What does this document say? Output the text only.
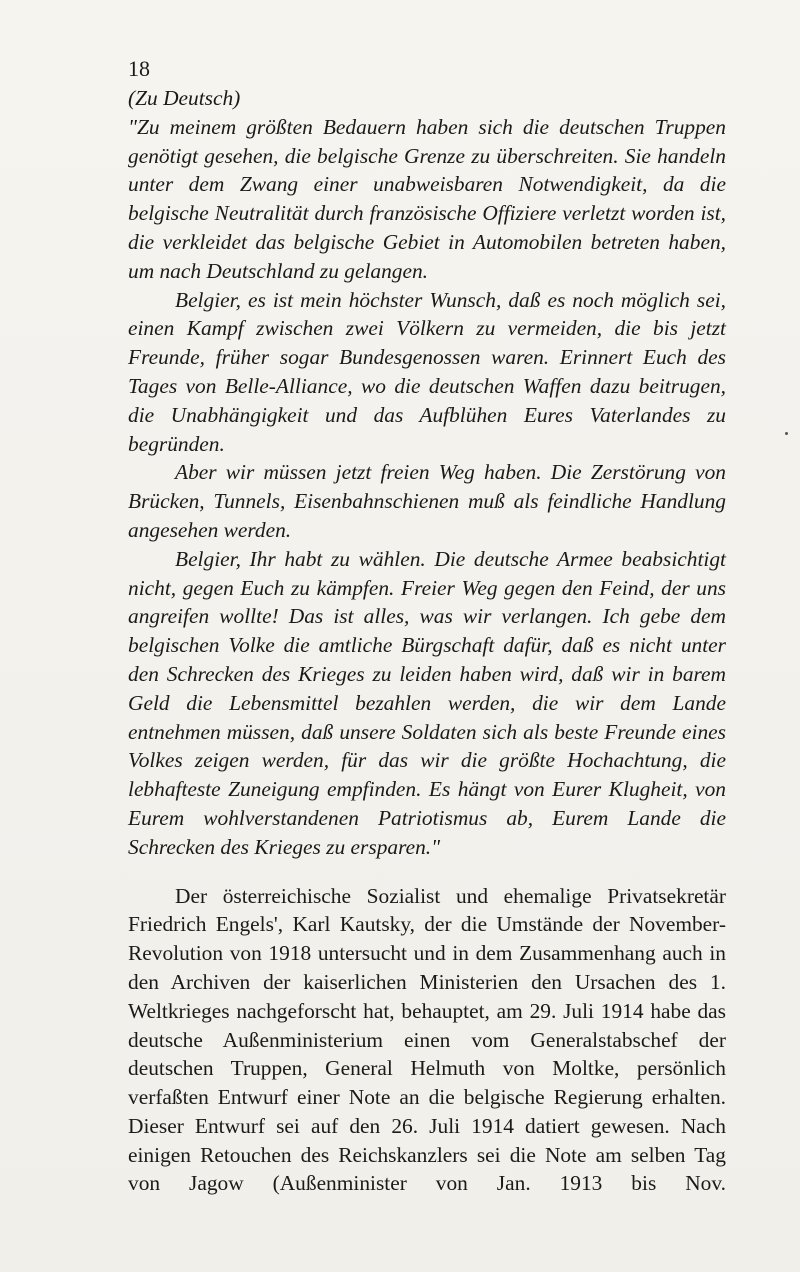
18

(Zu Deutsch)

"Zu meinem größten Bedauern haben sich die deutschen Truppen genötigt gesehen, die belgische Grenze zu überschreiten. Sie handeln unter dem Zwang einer unabweisbaren Notwendigkeit, da die belgische Neutralität durch französische Offiziere verletzt worden ist, die verkleidet das belgische Gebiet in Automobilen betreten haben, um nach Deutschland zu gelangen.

Belgier, es ist mein höchster Wunsch, daß es noch möglich sei, einen Kampf zwischen zwei Völkern zu vermeiden, die bis jetzt Freunde, früher sogar Bundesgenossen waren. Erinnert Euch des Tages von Belle-Alliance, wo die deutschen Waffen dazu beitrugen, die Unabhängigkeit und das Aufblühen Eures Vaterlandes zu begründen.

Aber wir müssen jetzt freien Weg haben. Die Zerstörung von Brücken, Tunnels, Eisenbahnschienen muß als feindliche Handlung angesehen werden.

Belgier, Ihr habt zu wählen. Die deutsche Armee beabsichtigt nicht, gegen Euch zu kämpfen. Freier Weg gegen den Feind, der uns angreifen wollte! Das ist alles, was wir verlangen. Ich gebe dem belgischen Volke die amtliche Bürgschaft dafür, daß es nicht unter den Schrecken des Krieges zu leiden haben wird, daß wir in barem Geld die Lebensmittel bezahlen werden, die wir dem Lande entnehmen müssen, daß unsere Soldaten sich als beste Freunde eines Volkes zeigen werden, für das wir die größte Hochachtung, die lebhafteste Zuneigung empfinden. Es hängt von Eurer Klugheit, von Eurem wohlverstandenen Patriotismus ab, Eurem Lande die Schrecken des Krieges zu ersparen."

Der österreichische Sozialist und ehemalige Privatsekretär Friedrich Engels', Karl Kautsky, der die Umstände der November-Revolution von 1918 untersucht und in dem Zusammenhang auch in den Archiven der kaiserlichen Ministerien den Ursachen des 1. Weltkrieges nachgeforscht hat, behauptet, am 29. Juli 1914 habe das deutsche Außenministerium einen vom Generalstabschef der deutschen Truppen, General Helmuth von Moltke, persönlich verfaßten Entwurf einer Note an die belgische Regierung erhalten. Dieser Entwurf sei auf den 26. Juli 1914 datiert gewesen. Nach einigen Retouchen des Reichskanzlers sei die Note am selben Tag von Jagow (Außenminister von Jan. 1913 bis Nov.
